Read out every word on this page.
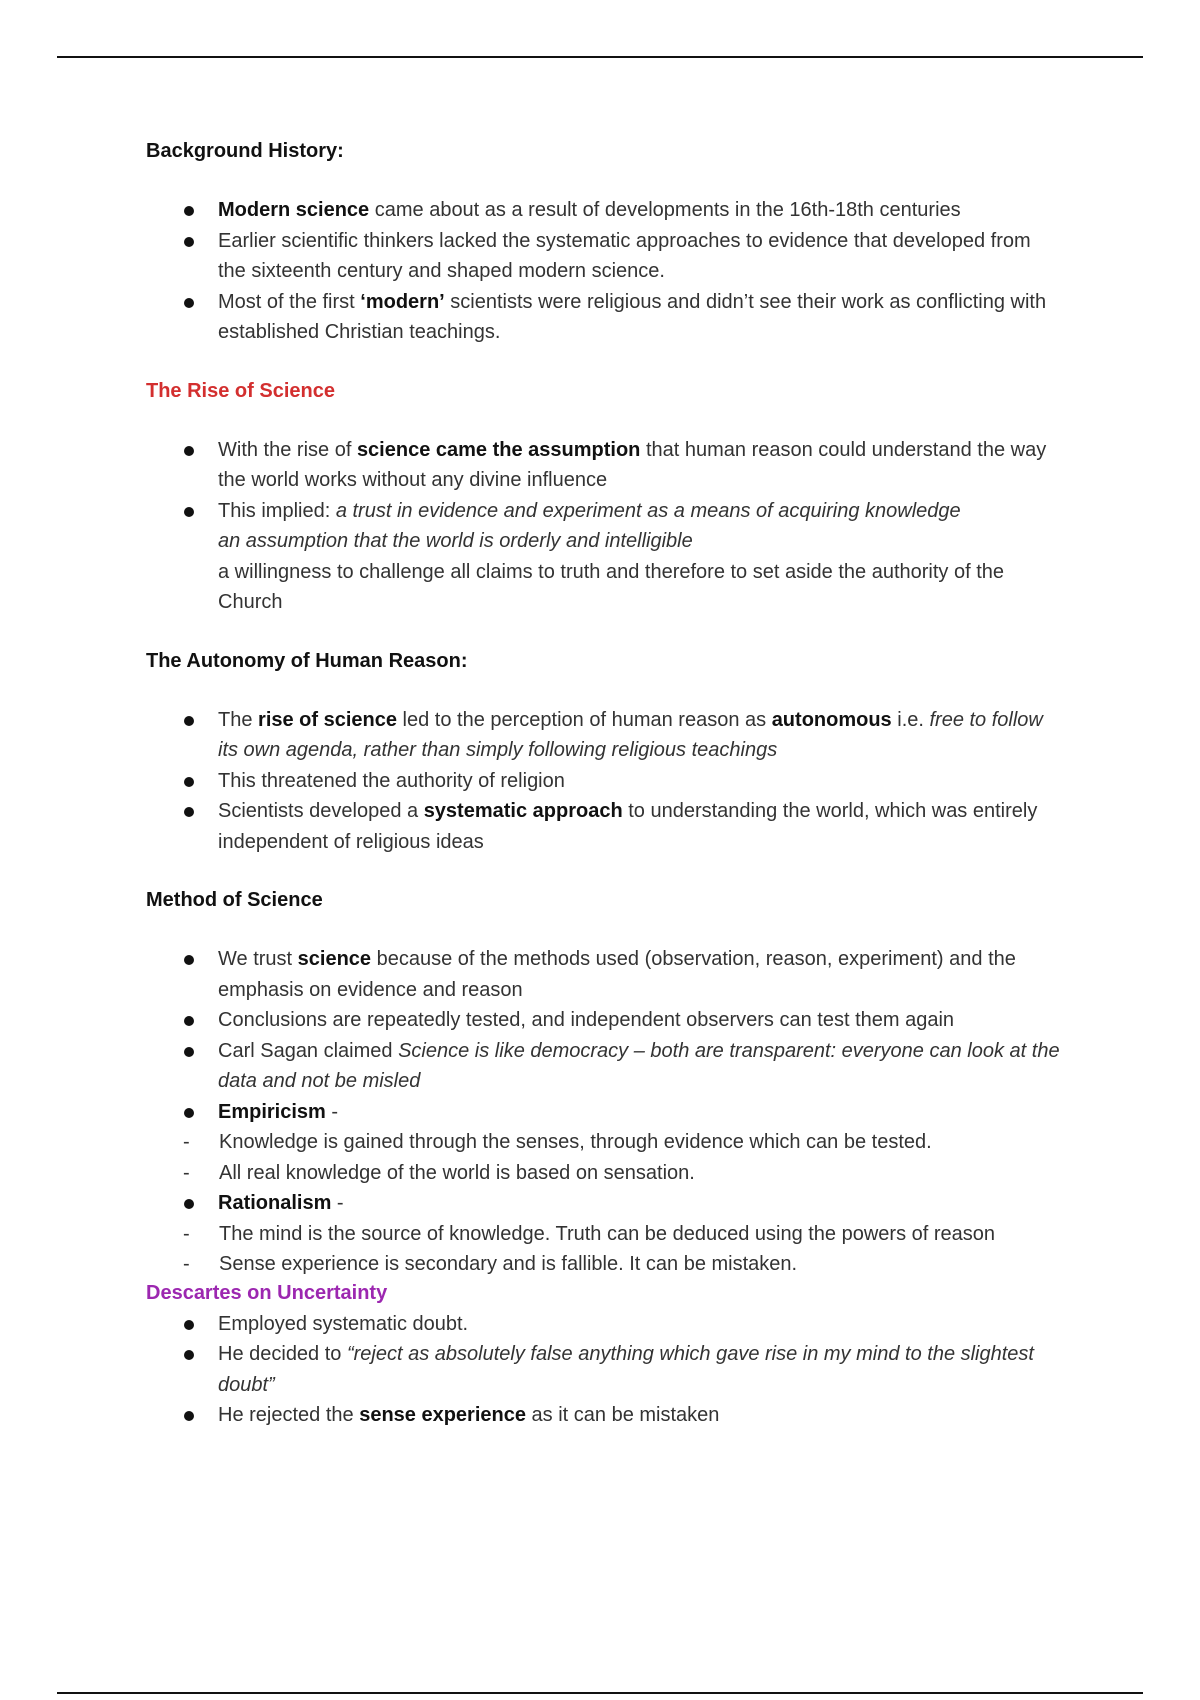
Background History:
Modern science came about as a result of developments in the 16th-18th centuries
Earlier scientific thinkers lacked the systematic approaches to evidence that developed from the sixteenth century and shaped modern science.
Most of the first ‘modern’ scientists were religious and didn’t see their work as conflicting with established Christian teachings.
The Rise of Science
With the rise of science came the assumption that human reason could understand the way the world works without any divine influence
This implied: a trust in evidence and experiment as a means of acquiring knowledge
an assumption that the world is orderly and intelligible
a willingness to challenge all claims to truth and therefore to set aside the authority of the Church
The Autonomy of Human Reason:
The rise of science led to the perception of human reason as autonomous i.e. free to follow its own agenda, rather than simply following religious teachings
This threatened the authority of religion
Scientists developed a systematic approach to understanding the world, which was entirely independent of religious ideas
Method of Science
We trust science because of the methods used (observation, reason, experiment) and the emphasis on evidence and reason
Conclusions are repeatedly tested, and independent observers can test them again
Carl Sagan claimed Science is like democracy – both are transparent: everyone can look at the data and not be misled
Empiricism -
- Knowledge is gained through the senses, through evidence which can be tested.
- All real knowledge of the world is based on sensation.
Rationalism -
- The mind is the source of knowledge. Truth can be deduced using the powers of reason
- Sense experience is secondary and is fallible. It can be mistaken.
Descartes on Uncertainty
Employed systematic doubt.
He decided to “reject as absolutely false anything which gave rise in my mind to the slightest doubt”
He rejected the sense experience as it can be mistaken
